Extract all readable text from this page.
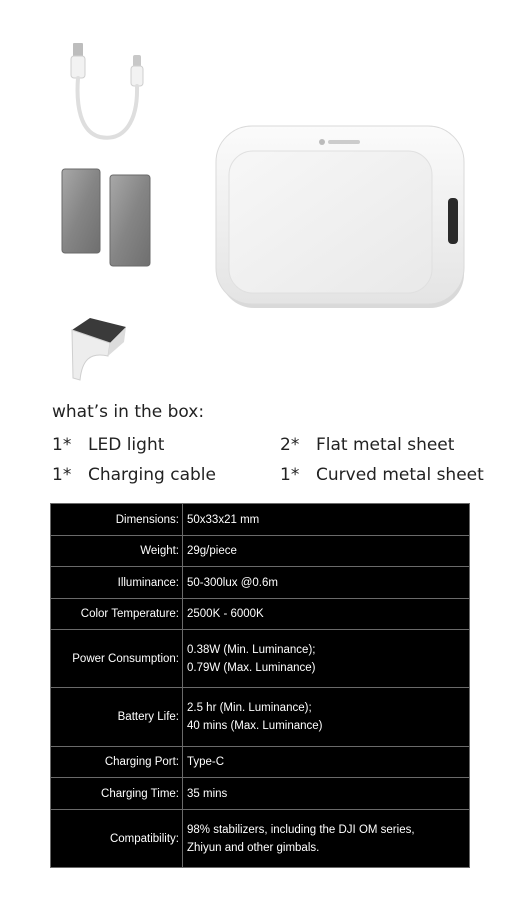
what’s in the box:

1* LED light	2* Flat metal sheet
1* Charging cable	1* Curved metal sheet
Dimensions:	50x33x21 mm
Weight:	29g/piece
Illuminance:	50-300lux @0.6m
Color Temperature:	2500K - 6000K
Power Consumption:	0.38W (Min. Luminance);
0.79W (Max. Luminance)
Battery Life:	2.5 hr (Min. Luminance);
40 mins (Max. Luminance)
Charging Port:	Type-C
Charging Time:	35 mins
Compatibility:	98% stabilizers, including the DJI OM series,
Zhiyun and other gimbals.
